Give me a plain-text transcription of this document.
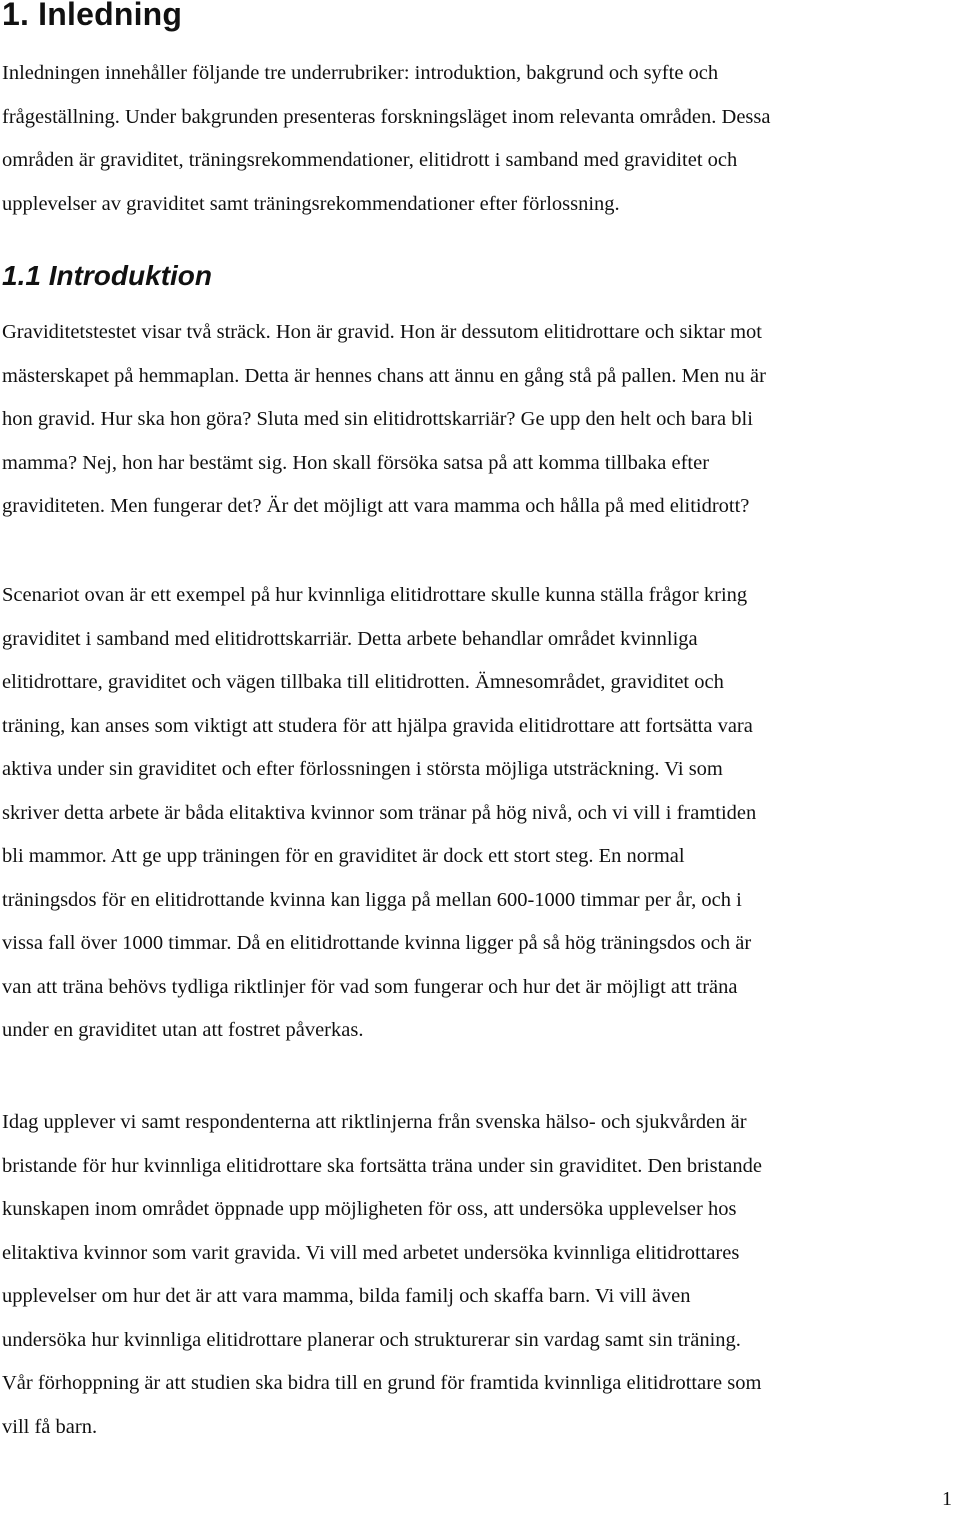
1. Inledning

Inledningen innehåller följande tre underrubriker: introduktion, bakgrund och syfte och
frågeställning. Under bakgrunden presenteras forskningsläget inom relevanta områden. Dessa
områden är graviditet, träningsrekommendationer, elitidrott i samband med graviditet och
upplevelser av graviditet samt träningsrekommendationer efter förlossning.

1.1 Introduktion

Graviditetstestet visar två sträck. Hon är gravid. Hon är dessutom elitidrottare och siktar mot
mästerskapet på hemmaplan. Detta är hennes chans att ännu en gång stå på pallen. Men nu är
hon gravid. Hur ska hon göra? Sluta med sin elitidrottskarriär? Ge upp den helt och bara bli
mamma? Nej, hon har bestämt sig. Hon skall försöka satsa på att komma tillbaka efter
graviditeten. Men fungerar det? Är det möjligt att vara mamma och hålla på med elitidrott?

Scenariot ovan är ett exempel på hur kvinnliga elitidrottare skulle kunna ställa frågor kring
graviditet i samband med elitidrottskarriär. Detta arbete behandlar området kvinnliga
elitidrottare, graviditet och vägen tillbaka till elitidrotten. Ämnesområdet, graviditet och
träning, kan anses som viktigt att studera för att hjälpa gravida elitidrottare att fortsätta vara
aktiva under sin graviditet och efter förlossningen i största möjliga utsträckning. Vi som
skriver detta arbete är båda elitaktiva kvinnor som tränar på hög nivå, och vi vill i framtiden
bli mammor. Att ge upp träningen för en graviditet är dock ett stort steg. En normal
träningsdos för en elitidrottande kvinna kan ligga på mellan 600-1000 timmar per år, och i
vissa fall över 1000 timmar. Då en elitidrottande kvinna ligger på så hög träningsdos och är
van att träna behövs tydliga riktlinjer för vad som fungerar och hur det är möjligt att träna
under en graviditet utan att fostret påverkas.

Idag upplever vi samt respondenterna att riktlinjerna från svenska hälso- och sjukvården är
bristande för hur kvinnliga elitidrottare ska fortsätta träna under sin graviditet. Den bristande
kunskapen inom området öppnade upp möjligheten för oss, att undersöka upplevelser hos
elitaktiva kvinnor som varit gravida. Vi vill med arbetet undersöka kvinnliga elitidrottares
upplevelser om hur det är att vara mamma, bilda familj och skaffa barn. Vi vill även
undersöka hur kvinnliga elitidrottare planerar och strukturerar sin vardag samt sin träning.
Vår förhoppning är att studien ska bidra till en grund för framtida kvinnliga elitidrottare som
vill få barn.

1
